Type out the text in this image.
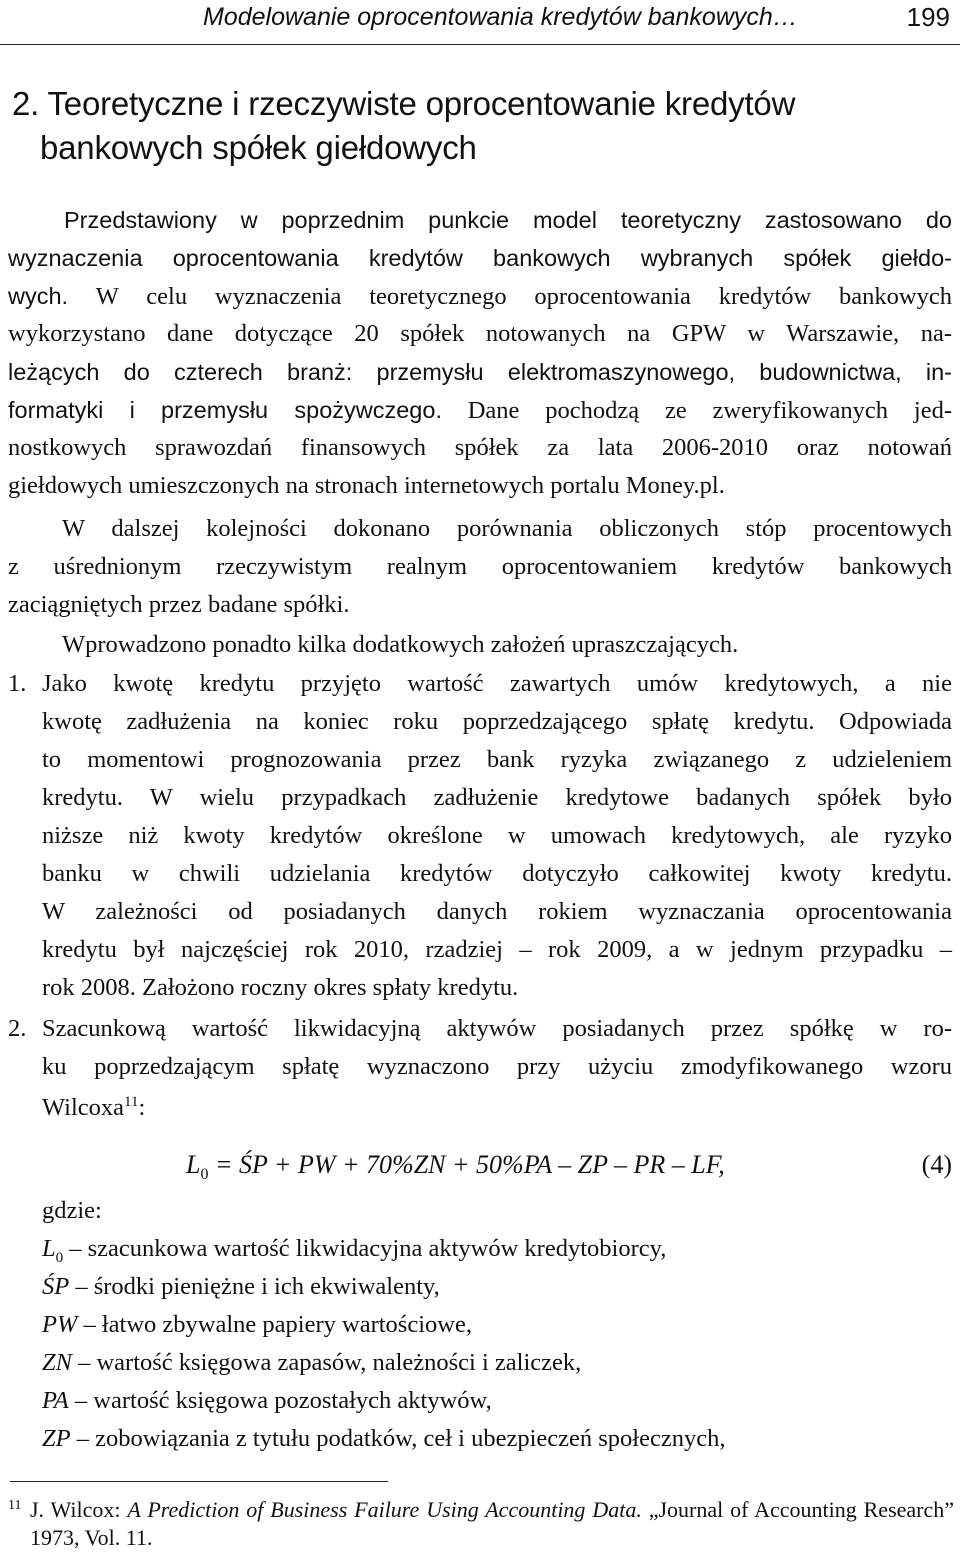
Modelowanie oprocentowania kredytów bankowych…	199
2. Teoretyczne i rzeczywiste oprocentowanie kredytów
bankowych spółek giełdowych
Przedstawiony w poprzednim punkcie model teoretyczny zastosowano do
wyznaczenia oprocentowania kredytów bankowych wybranych spółek giełdo-
wych. W celu wyznaczenia teoretycznego oprocentowania kredytów bankowych
wykorzystano dane dotyczące 20 spółek notowanych na GPW w Warszawie, na-
leżących do czterech branż: przemysłu elektromaszynowego, budownictwa, in-
formatyki i przemysłu spożywczego. Dane pochodzą ze zweryfikowanych jed-
nostkowych sprawozdań finansowych spółek za lata 2006-2010 oraz notowań
giełdowych umieszczonych na stronach internetowych portalu Money.pl.
W dalszej kolejności dokonano porównania obliczonych stóp procentowych
z uśrednionym rzeczywistym realnym oprocentowaniem kredytów bankowych
zaciągniętych przez badane spółki.
Wprowadzono ponadto kilka dodatkowych założeń upraszczających.
1. Jako kwotę kredytu przyjęto wartość zawartych umów kredytowych, a nie
kwotę zadłużenia na koniec roku poprzedzającego spłatę kredytu. Odpowiada
to momentowi prognozowania przez bank ryzyka związanego z udzieleniem
kredytu. W wielu przypadkach zadłużenie kredytowe badanych spółek było
niższe niż kwoty kredytów określone w umowach kredytowych, ale ryzyko
banku w chwili udzielania kredytów dotyczyło całkowitej kwoty kredytu.
W zależności od posiadanych danych rokiem wyznaczania oprocentowania
kredytu był najczęściej rok 2010, rzadziej – rok 2009, a w jednym przypadku –
rok 2008. Założono roczny okres spłaty kredytu.
2. Szacunkową wartość likwidacyjną aktywów posiadanych przez spółkę w ro-
ku poprzedzającym spłatę wyznaczono przy użyciu zmodyfikowanego wzoru
Wilcoxa$^{11}$:
$L_0$ = ŚP + PW + 70%ZN + 50%PA – ZP – PR – LF,	(4)
gdzie:
$L_0$ – szacunkowa wartość likwidacyjna aktywów kredytobiorcy,
ŚP – środki pieniężne i ich ekwiwalenty,
PW – łatwo zbywalne papiery wartościowe,
ZN – wartość księgowa zapasów, należności i zaliczek,
PA – wartość księgowa pozostałych aktywów,
ZP – zobowiązania z tytułu podatków, ceł i ubezpieczeń społecznych,
11 J. Wilcox: A Prediction of Business Failure Using Accounting Data. „Journal of Accounting Research” 1973, Vol. 11.
